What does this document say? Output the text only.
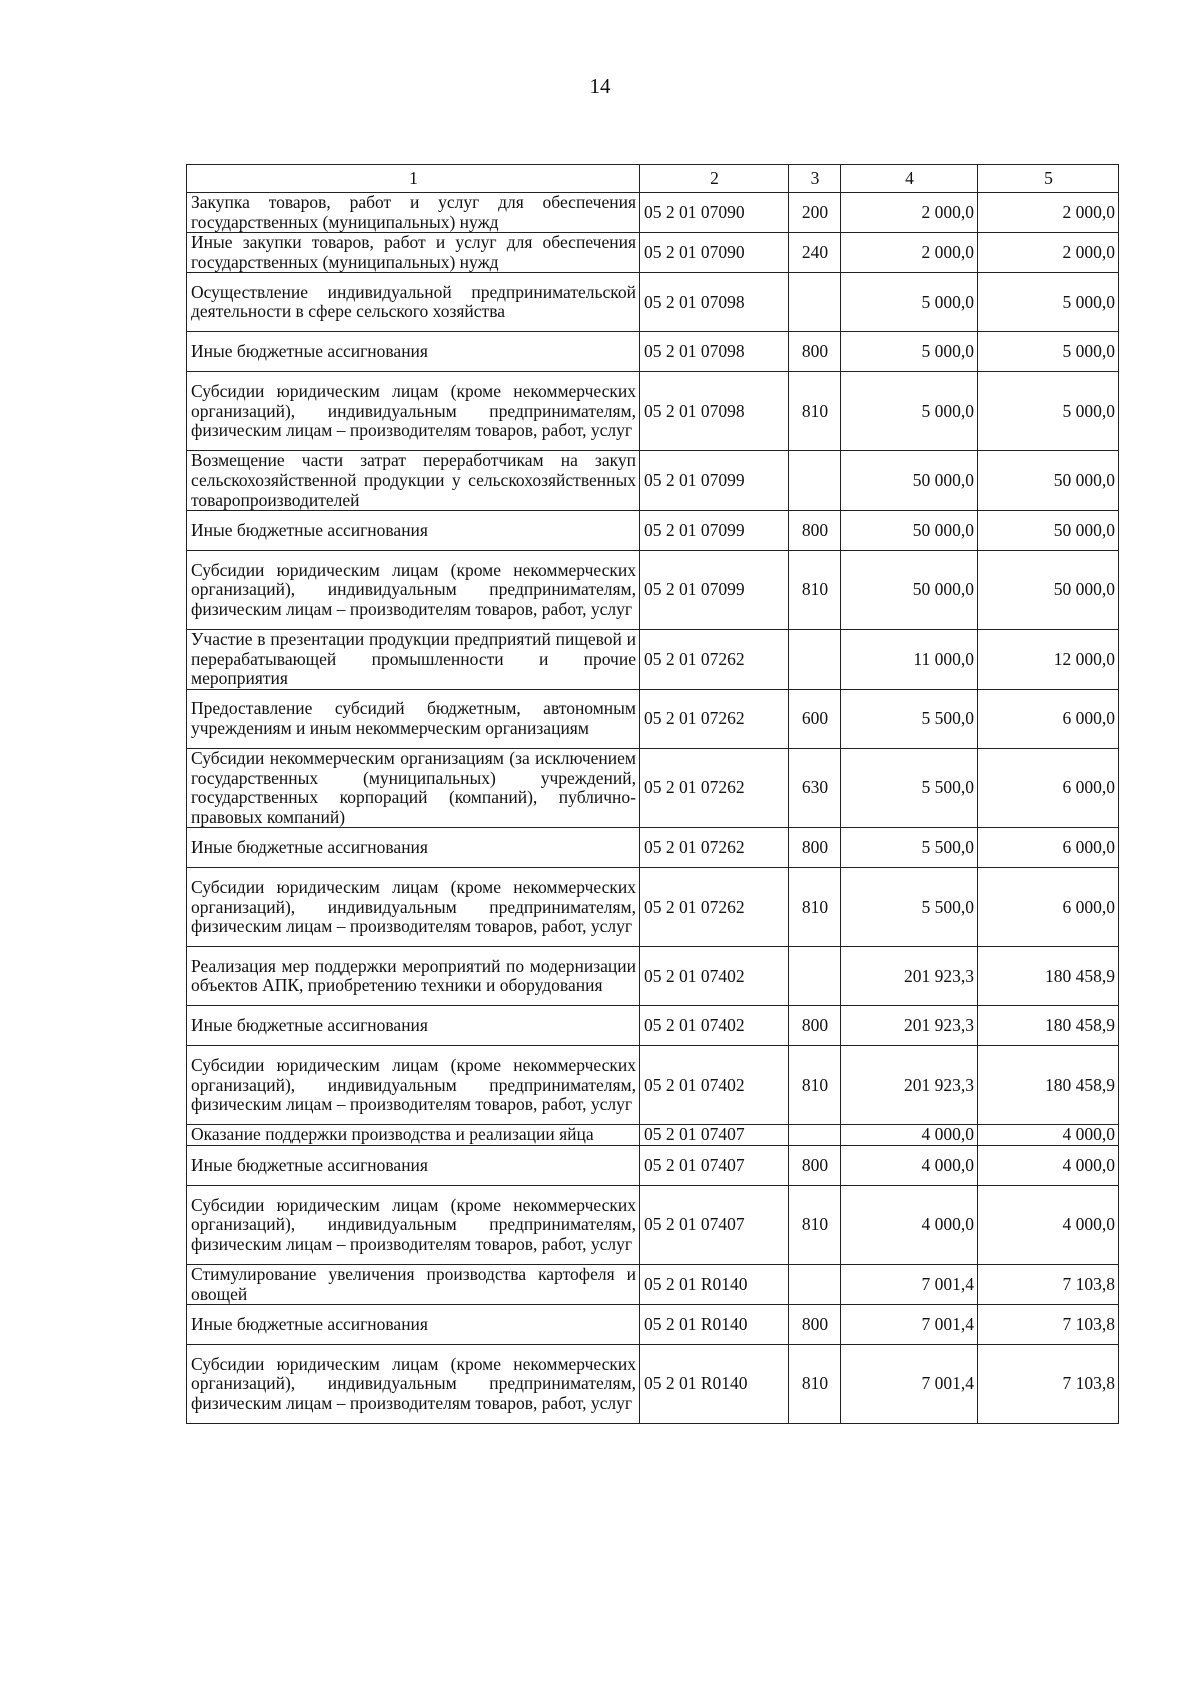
14
1	2	3	4	5
Закупка товаров, работ и услуг для обеспечения государственных (муниципальных) нужд	05 2 01 07090	200	2 000,0	2 000,0
Иные закупки товаров, работ и услуг для обеспечения государственных (муниципальных) нужд	05 2 01 07090	240	2 000,0	2 000,0
Осуществление индивидуальной предпринимательской деятельности в сфере сельского хозяйства	05 2 01 07098		5 000,0	5 000,0
Иные бюджетные ассигнования	05 2 01 07098	800	5 000,0	5 000,0
Субсидии юридическим лицам (кроме некоммерческих организаций), индивидуальным предпринимателям, физическим лицам – производителям товаров, работ, услуг	05 2 01 07098	810	5 000,0	5 000,0
Возмещение части затрат переработчикам на закуп сельскохозяйственной продукции у сельскохозяйственных товаропроизводителей	05 2 01 07099		50 000,0	50 000,0
Иные бюджетные ассигнования	05 2 01 07099	800	50 000,0	50 000,0
Субсидии юридическим лицам (кроме некоммерческих организаций), индивидуальным предпринимателям, физическим лицам – производителям товаров, работ, услуг	05 2 01 07099	810	50 000,0	50 000,0
Участие в презентации продукции предприятий пищевой и перерабатывающей промышленности и прочие мероприятия	05 2 01 07262		11 000,0	12 000,0
Предоставление субсидий бюджетным, автономным учреждениям и иным некоммерческим организациям	05 2 01 07262	600	5 500,0	6 000,0
Субсидии некоммерческим организациям (за исключением государственных (муниципальных) учреждений, государственных корпораций (компаний), публично-правовых компаний)	05 2 01 07262	630	5 500,0	6 000,0
Иные бюджетные ассигнования	05 2 01 07262	800	5 500,0	6 000,0
Субсидии юридическим лицам (кроме некоммерческих организаций), индивидуальным предпринимателям, физическим лицам – производителям товаров, работ, услуг	05 2 01 07262	810	5 500,0	6 000,0
Реализация мер поддержки мероприятий по модернизации объектов АПК, приобретению техники и оборудования	05 2 01 07402		201 923,3	180 458,9
Иные бюджетные ассигнования	05 2 01 07402	800	201 923,3	180 458,9
Субсидии юридическим лицам (кроме некоммерческих организаций), индивидуальным предпринимателям, физическим лицам – производителям товаров, работ, услуг	05 2 01 07402	810	201 923,3	180 458,9
Оказание поддержки производства и реализации яйца	05 2 01 07407		4 000,0	4 000,0
Иные бюджетные ассигнования	05 2 01 07407	800	4 000,0	4 000,0
Субсидии юридическим лицам (кроме некоммерческих организаций), индивидуальным предпринимателям, физическим лицам – производителям товаров, работ, услуг	05 2 01 07407	810	4 000,0	4 000,0
Стимулирование увеличения производства картофеля и овощей	05 2 01 R0140		7 001,4	7 103,8
Иные бюджетные ассигнования	05 2 01 R0140	800	7 001,4	7 103,8
Субсидии юридическим лицам (кроме некоммерческих организаций), индивидуальным предпринимателям, физическим лицам – производителям товаров, работ, услуг	05 2 01 R0140	810	7 001,4	7 103,8
